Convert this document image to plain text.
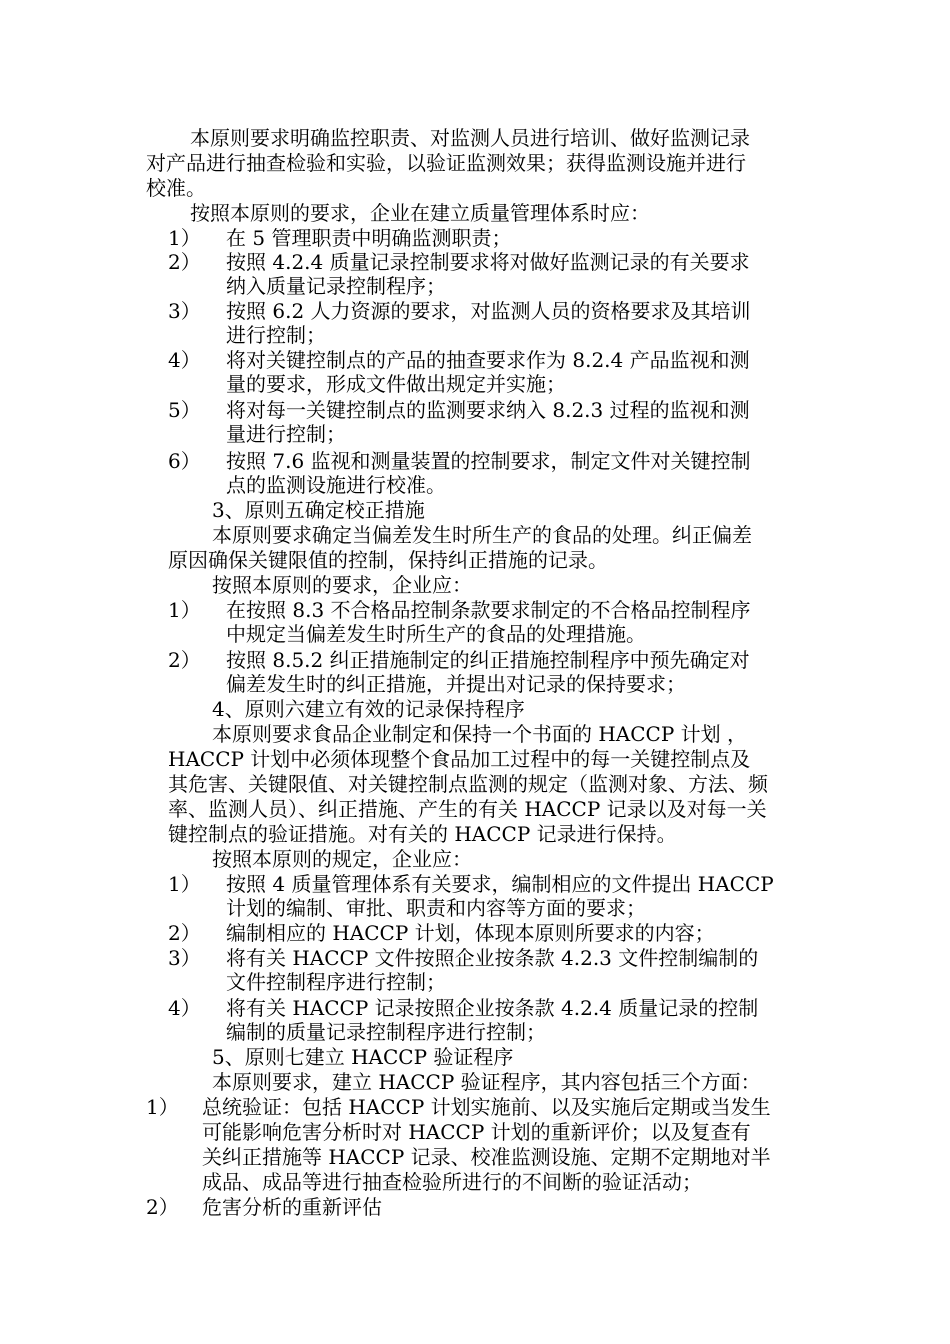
本原则要求明确监控职责、对监测人员进行培训、做好监测记录
对产品进行抽查检验和实验，以验证监测效果；获得监测设施并进行
校准。
按照本原则的要求，企业在建立质量管理体系时应：
1） 在 5 管理职责中明确监测职责；
2） 按照 4.2.4 质量记录控制要求将对做好监测记录的有关要求
纳入质量记录控制程序；
3） 按照 6.2 人力资源的要求，对监测人员的资格要求及其培训
进行控制；
4） 将对关键控制点的产品的抽查要求作为 8.2.4 产品监视和测
量的要求，形成文件做出规定并实施；
5） 将对每一关键控制点的监测要求纳入 8.2.3 过程的监视和测
量进行控制；
6） 按照 7.6 监视和测量装置的控制要求，制定文件对关键控制
点的监测设施进行校准。
3、原则五确定校正措施
本原则要求确定当偏差发生时所生产的食品的处理。纠正偏差
原因确保关键限值的控制，保持纠正措施的记录。
按照本原则的要求，企业应：
1） 在按照 8.3 不合格品控制条款要求制定的不合格品控制程序
中规定当偏差发生时所生产的食品的处理措施。
2） 按照 8.5.2 纠正措施制定的纠正措施控制程序中预先确定对
偏差发生时的纠正措施，并提出对记录的保持要求；
4、原则六建立有效的记录保持程序
本原则要求食品企业制定和保持一个书面的 HACCP 计划 ，
HACCP 计划中必须体现整个食品加工过程中的每一关键控制点及
其危害、关键限值、对关键控制点监测的规定（监测对象、方法、频
率、监测人员）、纠正措施、产生的有关 HACCP 记录以及对每一关
键控制点的验证措施。对有关的 HACCP 记录进行保持。
按照本原则的规定，企业应：
1） 按照 4 质量管理体系有关要求，编制相应的文件提出 HACCP
计划的编制、审批、职责和内容等方面的要求；
2） 编制相应的 HACCP 计划，体现本原则所要求的内容；
3） 将有关 HACCP 文件按照企业按条款 4.2.3 文件控制编制的
文件控制程序进行控制；
4） 将有关 HACCP 记录按照企业按条款 4.2.4 质量记录的控制
编制的质量记录控制程序进行控制；
5、原则七建立 HACCP 验证程序
本原则要求，建立 HACCP 验证程序，其内容包括三个方面：
1） 总统验证：包括 HACCP 计划实施前、以及实施后定期或当发生
可能影响危害分析时对 HACCP 计划的重新评价；以及复查有
关纠正措施等 HACCP 记录、校准监测设施、定期不定期地对半
成品、成品等进行抽查检验所进行的不间断的验证活动；
2） 危害分析的重新评估
